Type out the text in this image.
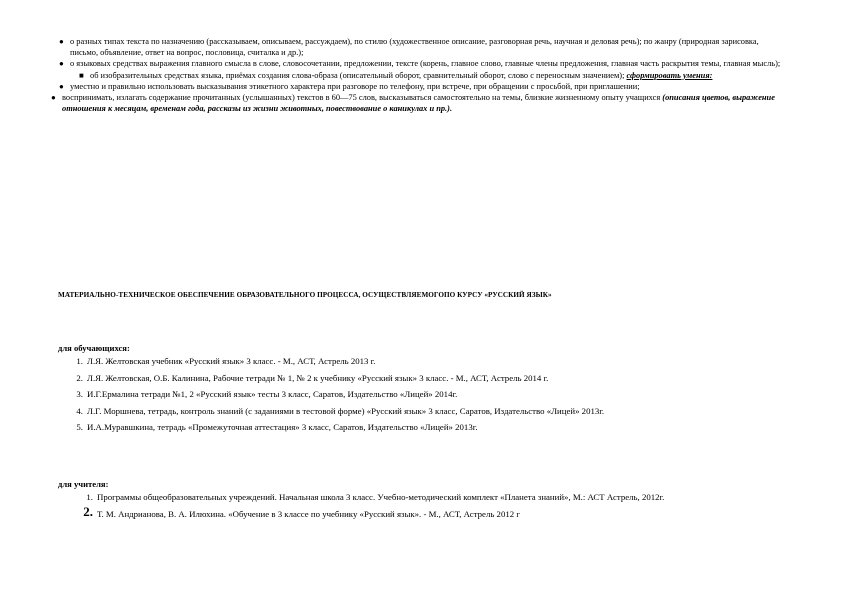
● о разных типах текста по назначению (рассказываем, описываем, рассуждаем), по стилю (художественное описание, разговорная речь, научная и деловая речь); по жанру (природная зарисовка, письмо, объявление, ответ на вопрос, пословица, считалка и др.);

● о языковых средствах выражения главного смысла в слове, словосочетании, предложении, тексте (корень, главное слово, главные члены предложения, главная часть раскрытия темы, главная мысль);

■ об изобразительных средствах языка, приёмах создания слова-образа (описательный оборот, сравнительный оборот, слово с переносным значением); сформировать умения:

● уместно и правильно использовать высказывания этикетного характера при разговоре по телефону, при встрече, при обращении с просьбой, при приглашении;

● воспринимать, излагать содержание прочитанных (услышанных) текстов в 60—75 слов, высказываться самостоятельно на темы, близкие жизненному опыту учащихся (описания цветов, выражение отношения к месяцам, временам года, рассказы из жизни животных, повествование о каникулах и пр.).

МАТЕРИАЛЬНО-ТЕХНИЧЕСКОЕ ОБЕСПЕЧЕНИЕ ОБРАЗОВАТЕЛЬНОГО ПРОЦЕССА, ОСУЩЕСТВЛЯЕМОГОПО КУРСУ «РУССКИЙ ЯЗЫК»
для обучающихся:
1. Л.Я. Желтовская учебник «Русский язык» 3 класс. - М., АСТ, Астрель 2013 г.
2. Л.Я. Желтовская, О.Б. Калинина, Рабочие тетради № 1, № 2 к учебнику «Русский язык» 3 класс. - М., АСТ, Астрель 2014 г.
3. И.Г.Ермалина тетради №1, 2 «Русский язык» тесты 3 класс, Саратов, Издательство «Лицей» 2014г.
4. Л.Г. Моршнева, тетрадь, контроль знаний (с заданиями в тестовой форме) «Русский язык» 3 класс, Саратов, Издательство «Лицей» 2013г.
5. И.А.Муравшкина, тетрадь «Промежуточная аттестация» 3 класс, Саратов, Издательство «Лицей» 2013г.
для учителя:
1. Программы общеобразовательных учреждений. Начальная школа 3 класс. Учебно-методический комплект «Планета знаний», М.: АСТ Астрель, 2012г.
2. Т. М. Андрианова, В. А. Илюхина. «Обучение в 3 классе по учебнику «Русский язык». - М., АСТ, Астрель 2012 г
